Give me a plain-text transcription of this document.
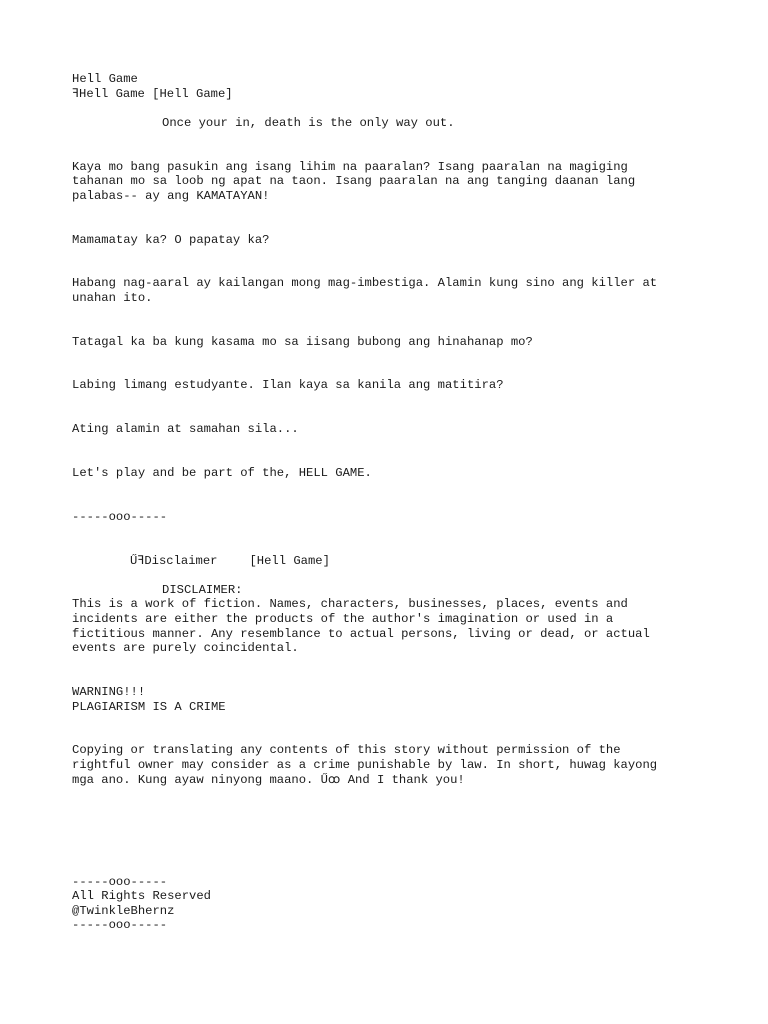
Hell Game
ꟻHell Game [Hell Game]
Once your in, death is the only way out.
Kaya mo bang pasukin ang isang lihim na paaralan? Isang paaralan na magiging
tahanan mo sa loob ng apat na taon. Isang paaralan na ang tanging daanan lang
palabas-- ay ang KAMATAYAN!
Mamamatay ka? O papatay ka?
Habang nag-aaral ay kailangan mong mag-imbestiga. Alamin kung sino ang killer at
unahan ito.
Tatagal ka ba kung kasama mo sa iisang bubong ang hinahanap mo?
Labing limang estudyante. Ilan kaya sa kanila ang matitira?
Ating alamin at samahan sila...
Let's play and be part of the, HELL GAME.
-----ooo-----
ŰꟻDisclaimer	[Hell Game]
DISCLAIMER:
This is a work of fiction. Names, characters, businesses, places, events and
incidents are either the products of the author's imagination or used in a
fictitious manner. Any resemblance to actual persons, living or dead, or actual
events are purely coincidental.
WARNING!!!
PLAGIARISM IS A CRIME
Copying or translating any contents of this story without permission of the
rightful owner may consider as a crime punishable by law. In short, huwag kayong
mga ano. Kung ayaw ninyong maano. Űꝏ And I thank you!
-----ooo-----
All Rights Reserved
@TwinkleBhernz
-----ooo-----
